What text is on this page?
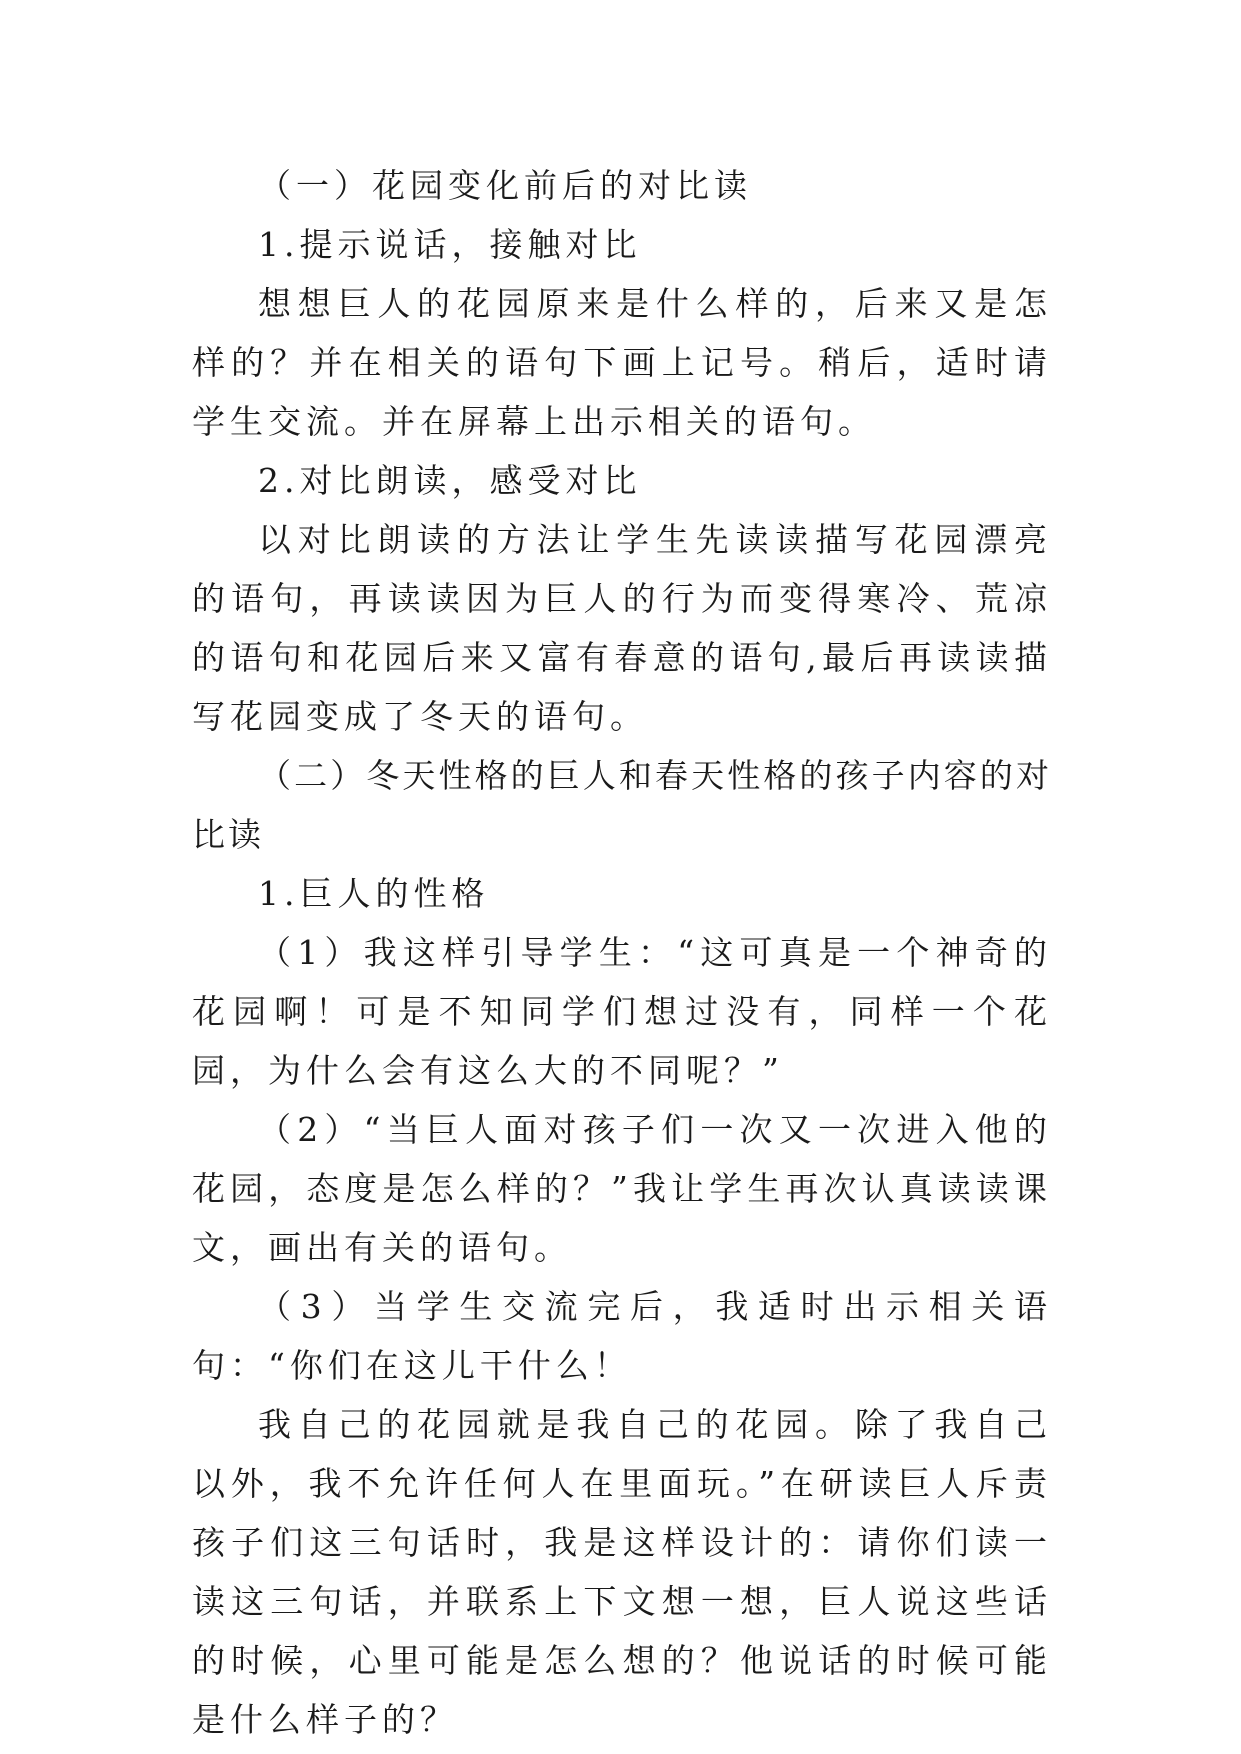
（一）花园变化前后的对比读

1.提示说话，接触对比

想想巨人的花园原来是什么样的，后来又是怎样的？并在相关的语句下画上记号。稍后，适时请学生交流。并在屏幕上出示相关的语句。

2.对比朗读，感受对比

以对比朗读的方法让学生先读读描写花园漂亮的语句，再读读因为巨人的行为而变得寒冷、荒凉的语句和花园后来又富有春意的语句,最后再读读描写花园变成了冬天的语句。

（二）冬天性格的巨人和春天性格的孩子内容的对比读

1.巨人的性格

（1）我这样引导学生：“这可真是一个神奇的花园啊！可是不知同学们想过没有，同样一个花园，为什么会有这么大的不同呢？”

（2）“当巨人面对孩子们一次又一次进入他的花园，态度是怎么样的？”我让学生再次认真读读课文，画出有关的语句。

（3）当学生交流完后，我适时出示相关语句：“你们在这儿干什么！

我自己的花园就是我自己的花园。除了我自己以外，我不允许任何人在里面玩。”在研读巨人斥责孩子们这三句话时，我是这样设计的：请你们读一读这三句话，并联系上下文想一想，巨人说这些话的时候，心里可能是怎么想的？他说话的时候可能是什么样子的？
